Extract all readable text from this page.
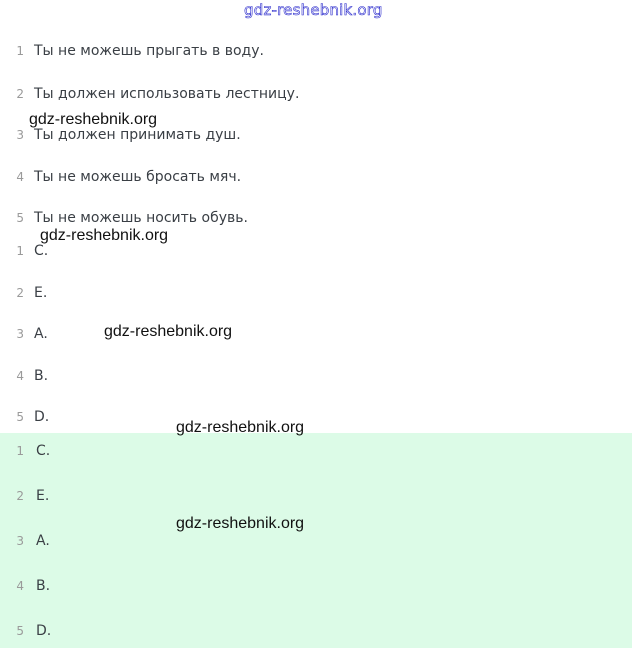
gdz-reshebnik.org
1 Ты не можешь прыгать в воду.
2 Ты должен использовать лестницу.
3 Ты должен принимать душ.
4 Ты не можешь бросать мяч.
5 Ты не можешь носить обувь.
1 C.
2 E.
3 A.
4 B.
5 D.
1 C.
2 E.
3 A.
4 B.
5 D.
gdz-reshebnik.org
gdz-reshebnik.org
gdz-reshebnik.org
gdz-reshebnik.org
gdz-reshebnik.org
